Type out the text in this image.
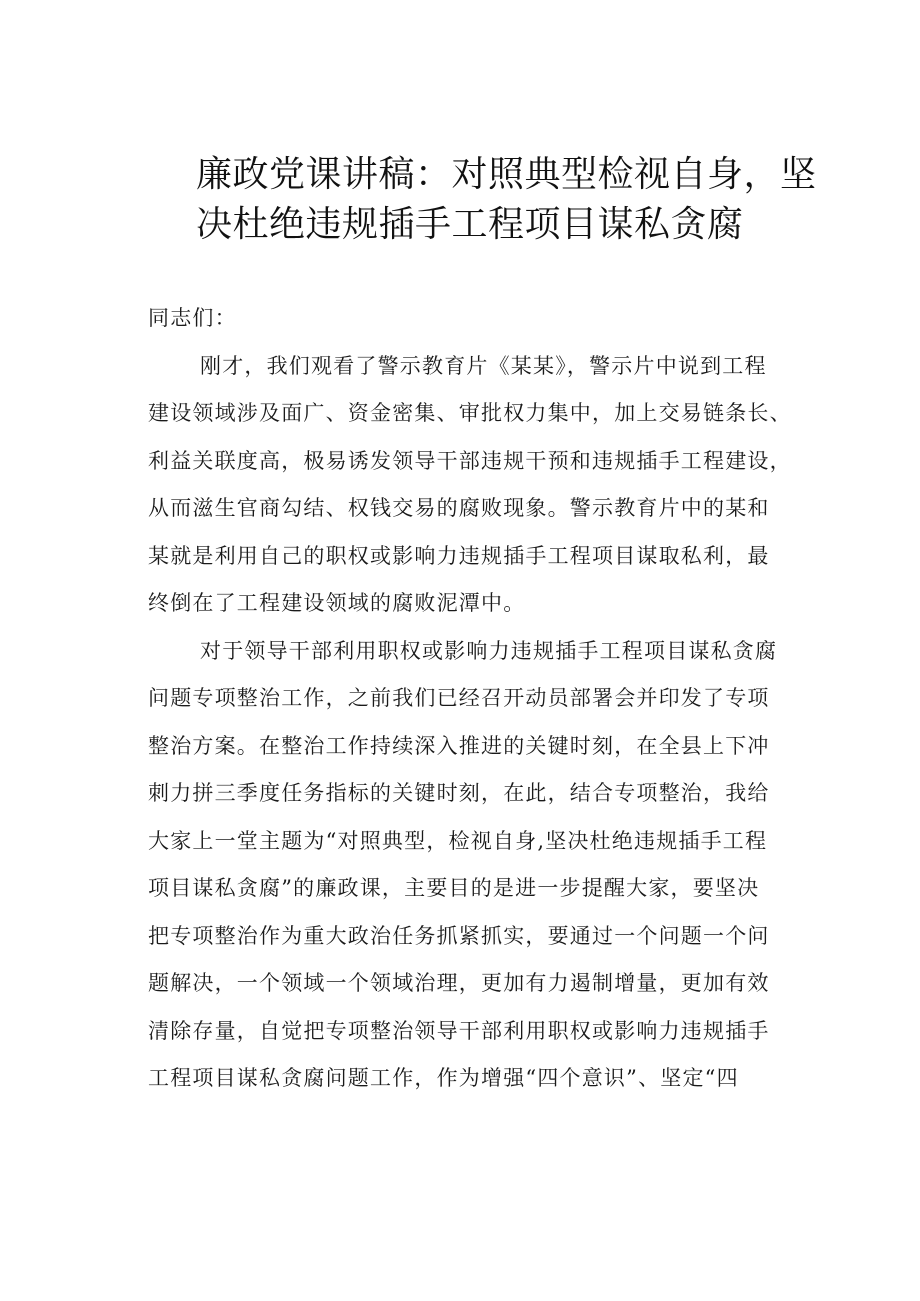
廉政党课讲稿：对照典型检视自身，坚
决杜绝违规插手工程项目谋私贪腐

同志们：

刚才，我们观看了警示教育片《某某》，警示片中说到工程
建设领域涉及面广、资金密集、审批权力集中，加上交易链条长、
利益关联度高，极易诱发领导干部违规干预和违规插手工程建设，
从而滋生官商勾结、权钱交易的腐败现象。警示教育片中的某和
某就是利用自己的职权或影响力违规插手工程项目谋取私利，最
终倒在了工程建设领域的腐败泥潭中。

对于领导干部利用职权或影响力违规插手工程项目谋私贪腐
问题专项整治工作，之前我们已经召开动员部署会并印发了专项
整治方案。在整治工作持续深入推进的关键时刻，在全县上下冲
刺力拼三季度任务指标的关键时刻，在此，结合专项整治，我给
大家上一堂主题为“对照典型，检视自身,坚决杜绝违规插手工程
项目谋私贪腐”的廉政课，主要目的是进一步提醒大家，要坚决
把专项整治作为重大政治任务抓紧抓实，要通过一个问题一个问
题解决，一个领域一个领域治理，更加有力遏制增量，更加有效
清除存量，自觉把专项整治领导干部利用职权或影响力违规插手
工程项目谋私贪腐问题工作，作为增强“四个意识”、坚定“四
